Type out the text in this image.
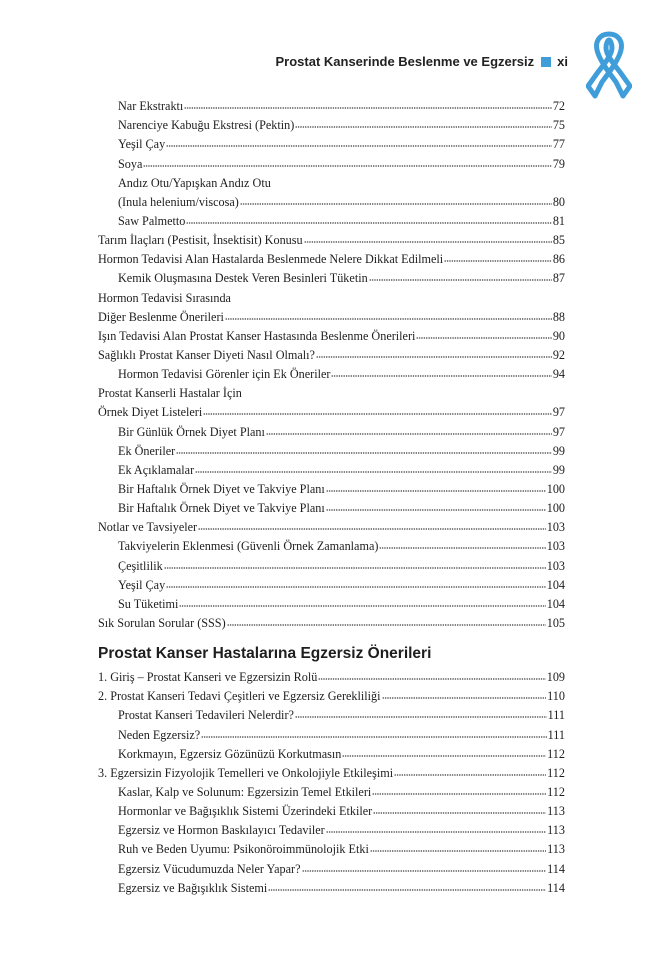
Prostat Kanserinde Beslenme ve Egzersiz xi
Nar Ekstraktı	72
Narenciye Kabuğu Ekstresi (Pektin)	75
Yeşil Çay	77
Soya	79
Andız Otu/Yapışkan Andız Otu
(Inula helenium/viscosa)	80
Saw Palmetto	81
Tarım İlaçları (Pestisit, İnsektisit) Konusu	85
Hormon Tedavisi Alan Hastalarda Beslenmede Nelere Dikkat Edilmeli	86
Kemik Oluşmasına Destek Veren Besinleri Tüketin	87
Hormon Tedavisi Sırasında
Diğer Beslenme Önerileri	88
Işın Tedavisi Alan Prostat Kanser Hastasında Beslenme Önerileri	90
Sağlıklı Prostat Kanser Diyeti Nasıl Olmalı?	92
Hormon Tedavisi Görenler için Ek Öneriler	94
Prostat Kanserli Hastalar İçin
Örnek Diyet Listeleri	97
Bir Günlük Örnek Diyet Planı	97
Ek Öneriler	99
Ek Açıklamalar	99
Bir Haftalık Örnek Diyet ve Takviye Planı	100
Bir Haftalık Örnek Diyet ve Takviye Planı	100
Notlar ve Tavsiyeler	103
Takviyelerin Eklenmesi (Güvenli Örnek Zamanlama)	103
Çeşitlilik	103
Yeşil Çay	104
Su Tüketimi	104
Sık Sorulan Sorular (SSS)	105
Prostat Kanser Hastalarına Egzersiz Önerileri
1. Giriş – Prostat Kanseri ve Egzersizin Rolü	109
2. Prostat Kanseri Tedavi Çeşitleri ve Egzersiz Gerekliliği	110
Prostat Kanseri Tedavileri Nelerdir?	111
Neden Egzersiz?	111
Korkmayın, Egzersiz Gözünüzü Korkutmasın	112
3. Egzersizin Fizyolojik Temelleri ve Onkolojiyle Etkileşimi	112
Kaslar, Kalp ve Solunum: Egzersizin Temel Etkileri	112
Hormonlar ve Bağışıklık Sistemi Üzerindeki Etkiler	113
Egzersiz ve Hormon Baskılayıcı Tedaviler	113
Ruh ve Beden Uyumu: Psikonöroimmünolojik Etki	113
Egzersiz Vücudumuzda Neler Yapar?	114
Egzersiz ve Bağışıklık Sistemi	114
